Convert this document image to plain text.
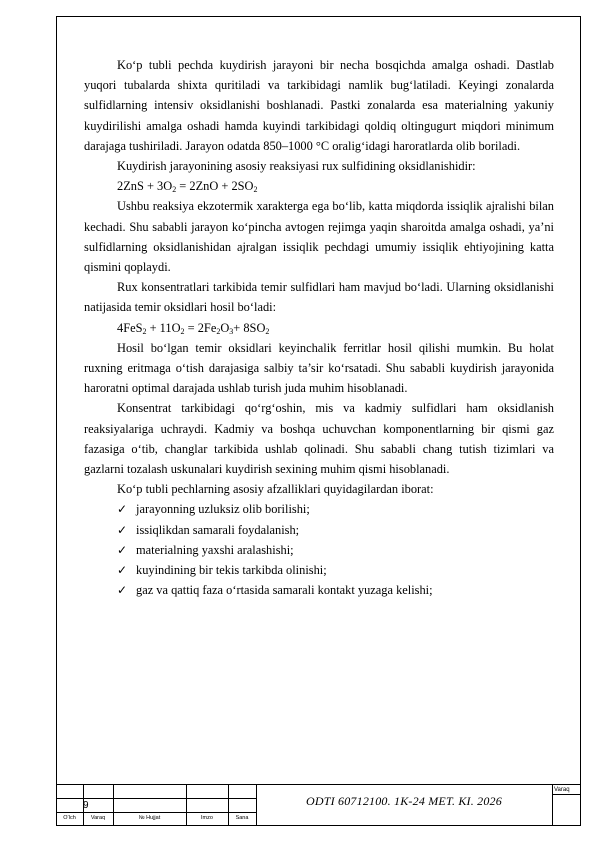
Ko‘p tubli pechda kuydirish jarayoni bir necha bosqichda amalga oshadi. Dastlab yuqori tubalarda shixta quritiladi va tarkibidagi namlik bug‘latiladi. Keyingi zonalarda sulfidlarning intensiv oksidlanishi boshlanadi. Pastki zonalarda esa materialning yakuniy kuydirilishi amalga oshadi hamda kuyindi tarkibidagi qoldiq oltingugurt miqdori minimum darajaga tushiriladi. Jarayon odatda 850–1000 °C oralig‘idagi haroratlarda olib boriladi.

Kuydirish jarayonining asosiy reaksiyasi rux sulfidining oksidlanishidir:

$2ZnS + 3O_2 = 2ZnO + 2SO_2$

Ushbu reaksiya ekzotermik xarakterga ega bo‘lib, katta miqdorda issiqlik ajralishi bilan kechadi. Shu sababli jarayon ko‘pincha avtogen rejimga yaqin sharoitda amalga oshadi, ya’ni sulfidlarning oksidlanishidan ajralgan issiqlik pechdagi umumiy issiqlik ehtiyojining katta qismini qoplaydi.

Rux konsentratlari tarkibida temir sulfidlari ham mavjud bo‘ladi. Ularning oksidlanishi natijasida temir oksidlari hosil bo‘ladi:

$4FeS_2 + 11O_2 = 2Fe_2O_3+ 8SO_2$

Hosil bo‘lgan temir oksidlari keyinchalik ferritlar hosil qilishi mumkin. Bu holat ruxning eritmaga o‘tish darajasiga salbiy ta’sir ko‘rsatadi. Shu sababli kuydirish jarayonida haroratni optimal darajada ushlab turish juda muhim hisoblanadi.

Konsentrat tarkibidagi qo‘rg‘oshin, mis va kadmiy sulfidlari ham oksidlanish reaksiyalariga uchraydi. Kadmiy va boshqa uchuvchan komponentlarning bir qismi gaz fazasiga o‘tib, changlar tarkibida ushlab qolinadi. Shu sababli chang tutish tizimlari va gazlarni tozalash uskunalari kuydirish sexining muhim qismi hisoblanadi.

Ko‘p tubli pechlarning asosiy afzalliklari quyidagilardan iborat:

✓ jarayonning uzluksiz olib borilishi;

✓ issiqlikdan samarali foydalanish;

✓ materialning yaxshi aralashishi;

✓ kuyindining bir tekis tarkibda olinishi;

✓ gaz va qattiq faza o‘rtasida samarali kontakt yuzaga kelishi;

9	ODTI 60712100. 1K-24 MET. KI. 2026
Varaq
O‘lch	Varaq	№ Hujjat	Imzo	Sana
